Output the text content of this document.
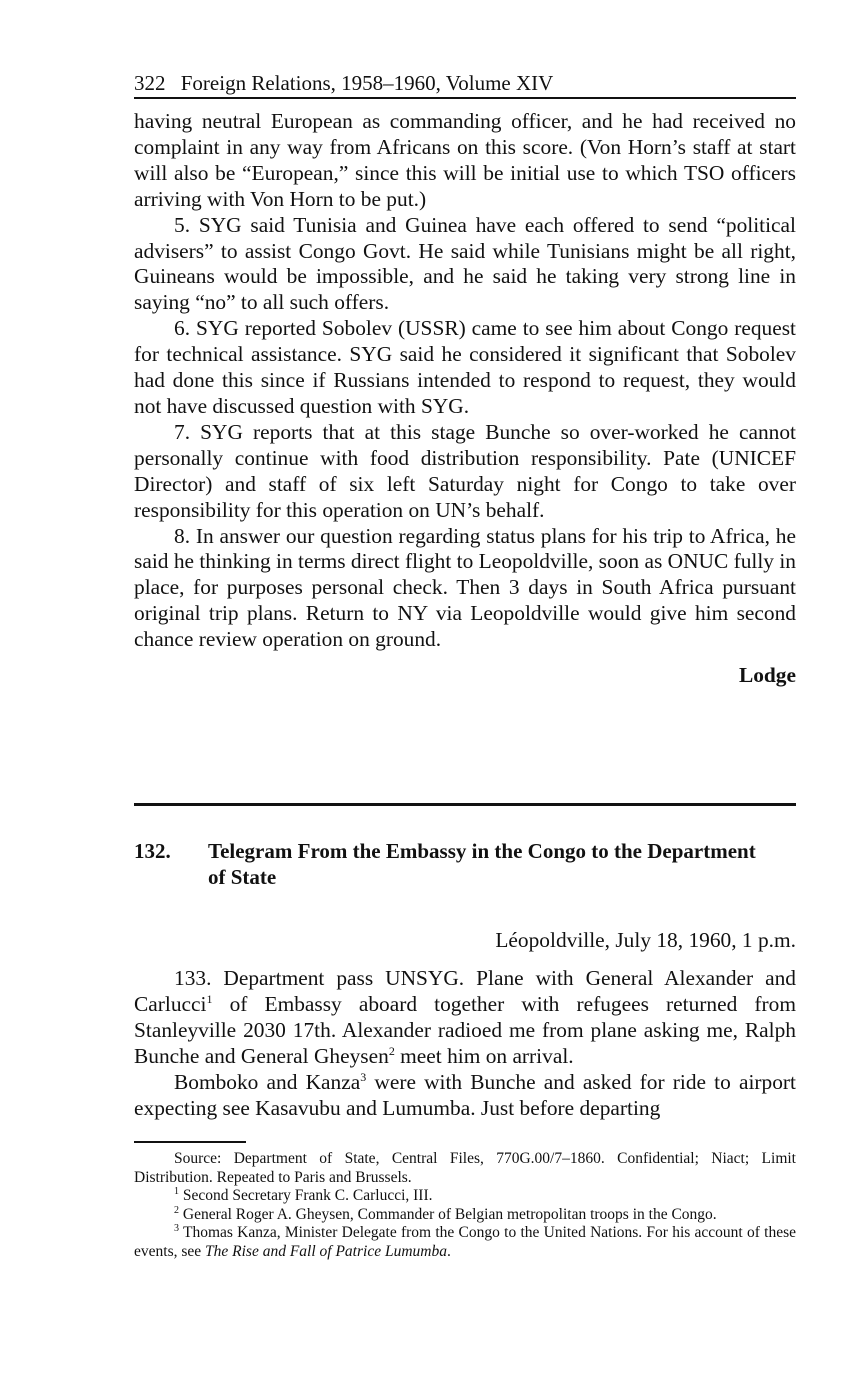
322 Foreign Relations, 1958–1960, Volume XIV

having neutral European as commanding officer, and he had received no complaint in any way from Africans on this score. (Von Horn’s staff at start will also be “European,” since this will be initial use to which TSO officers arriving with Von Horn to be put.)

5. SYG said Tunisia and Guinea have each offered to send “political advisers” to assist Congo Govt. He said while Tunisians might be all right, Guineans would be impossible, and he said he taking very strong line in saying “no” to all such offers.

6. SYG reported Sobolev (USSR) came to see him about Congo request for technical assistance. SYG said he considered it significant that Sobolev had done this since if Russians intended to respond to request, they would not have discussed question with SYG.

7. SYG reports that at this stage Bunche so over-worked he cannot personally continue with food distribution responsibility. Pate (UNICEF Director) and staff of six left Saturday night for Congo to take over responsibility for this operation on UN’s behalf.

8. In answer our question regarding status plans for his trip to Africa, he said he thinking in terms direct flight to Leopoldville, soon as ONUC fully in place, for purposes personal check. Then 3 days in South Africa pursuant original trip plans. Return to NY via Leopoldville would give him second chance review operation on ground.

Lodge
132. Telegram From the Embassy in the Congo to the Department of State
Léopoldville, July 18, 1960, 1 p.m.

133. Department pass UNSYG. Plane with General Alexander and Carlucci$^1$ of Embassy aboard together with refugees returned from Stanleyville 2030 17th. Alexander radioed me from plane asking me, Ralph Bunche and General Gheysen$^2$ meet him on arrival.

Bomboko and Kanza$^3$ were with Bunche and asked for ride to airport expecting see Kasavubu and Lumumba. Just before departing

Source: Department of State, Central Files, 770G.00/7–1860. Confidential; Niact; Limit Distribution. Repeated to Paris and Brussels.

$^1$ Second Secretary Frank C. Carlucci, III.

$^2$ General Roger A. Gheysen, Commander of Belgian metropolitan troops in the Congo.

$^3$ Thomas Kanza, Minister Delegate from the Congo to the United Nations. For his account of these events, see The Rise and Fall of Patrice Lumumba.
